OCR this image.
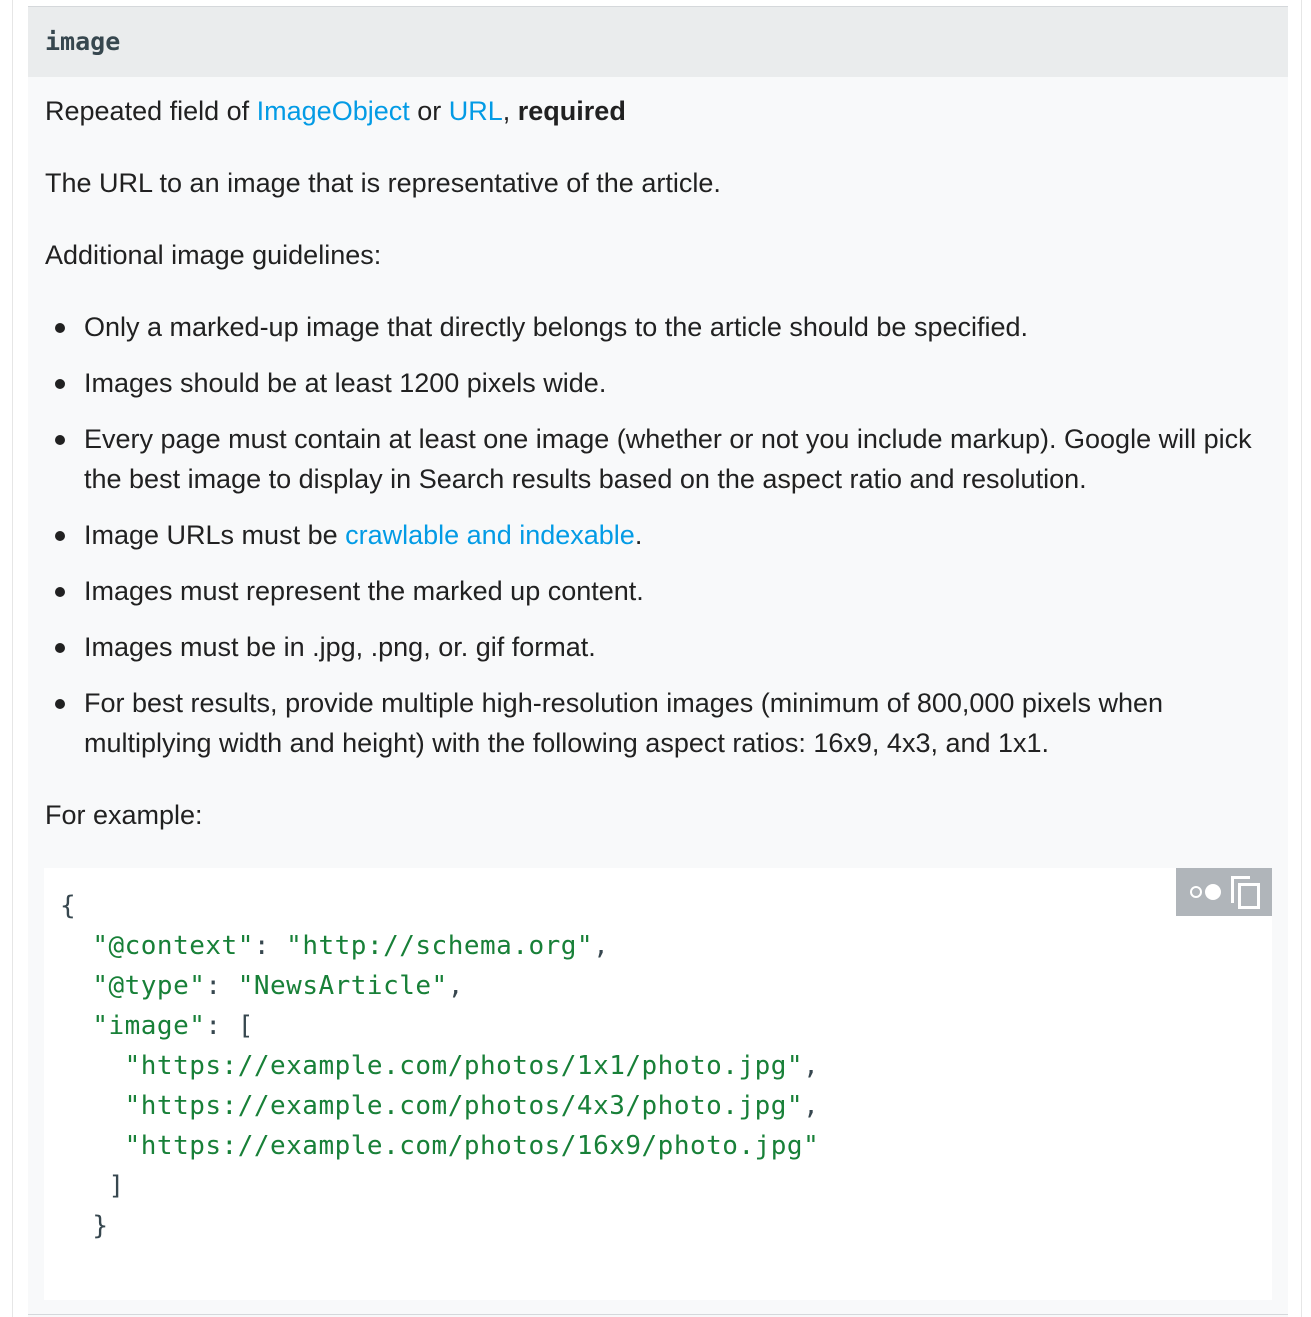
image

Repeated field of ImageObject or URL, required

The URL to an image that is representative of the article.

Additional image guidelines:

Only a marked-up image that directly belongs to the article should be specified.
Images should be at least 1200 pixels wide.
Every page must contain at least one image (whether or not you include markup). Google will pick the best image to display in Search results based on the aspect ratio and resolution.
Image URLs must be crawlable and indexable.
Images must represent the marked up content.
Images must be in .jpg, .png, or. gif format.
For best results, provide multiple high-resolution images (minimum of 800,000 pixels when multiplying width and height) with the following aspect ratios: 16x9, 4x3, and 1x1.

For example:

{
"@context": "http://schema.org",
"@type": "NewsArticle",
"image": [
"https://example.com/photos/1x1/photo.jpg",
"https://example.com/photos/4x3/photo.jpg",
"https://example.com/photos/16x9/photo.jpg"
]
}
